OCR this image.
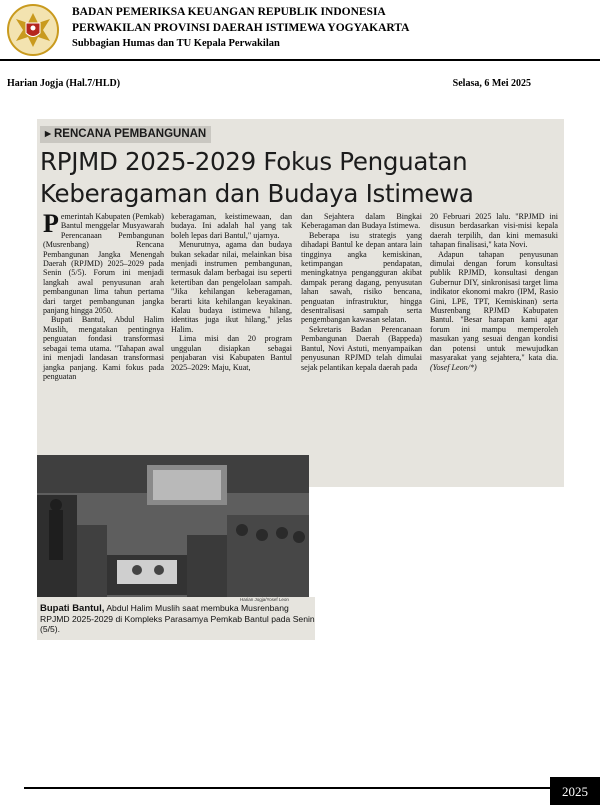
BADAN PEMERIKSA KEUANGAN REPUBLIK INDONESIA
PERWAKILAN PROVINSI DAERAH ISTIMEWA YOGYAKARTA
Subbagian Humas dan TU Kepala Perwakilan
Harian Jogja (Hal.7/HLD)	Selasa, 6 Mei 2025
▸ RENCANA PEMBANGUNAN
RPJMD 2025-2029 Fokus Penguatan
Keberagaman dan Budaya Istimewa

Pemerintah Kabupaten (Pemkab) Bantul menggelar Musyawarah Perencanaan Pembangunan (Musrenbang) Rencana Pembangunan Jangka Menengah Daerah (RPJMD) 2025–2029 pada Senin (5/5). Forum ini menjadi langkah awal penyusunan arah pembangunan lima tahun pertama dari target pembangunan jangka panjang hingga 2050.

Bupati Bantul, Abdul Halim Muslih, mengatakan pentingnya penguatan fondasi transformasi sebagai tema utama. "Tahapan awal ini menjadi landasan transformasi jangka panjang. Kami fokus pada penguatan

keberagaman, keistimewaan, dan budaya. Ini adalah hal yang tak boleh lepas dari Bantul," ujarnya.

Menurutnya, agama dan budaya bukan sekadar nilai, melainkan bisa menjadi instrumen pembangunan, termasuk dalam berbagai isu seperti ketertiban dan pengelolaan sampah. "Jika kehilangan keberagaman, berarti kita kehilangan keyakinan. Kalau budaya istimewa hilang, identitas juga ikut hilang," jelas Halim.

Lima misi dan 20 program unggulan disiapkan sebagai penjabaran visi Kabupaten Bantul 2025–2029: Maju, Kuat,

dan Sejahtera dalam Bingkai Keberagaman dan Budaya Istimewa.

Beberapa isu strategis yang dihadapi Bantul ke depan antara lain tingginya angka kemiskinan, ketimpangan pendapatan, meningkatnya pengangguran akibat dampak perang dagang, penyusutan lahan sawah, risiko bencana, penguatan infrastruktur, hingga desentralisasi sampah serta pengembangan kawasan selatan.

Sekretaris Badan Perencanaan Pembangunan Daerah (Bappeda) Bantul, Novi Astuti, menyampaikan penyusunan RPJMD telah dimulai sejak pelantikan kepala daerah pada

20 Februari 2025 lalu. "RPJMD ini disusun berdasarkan visi-misi kepala daerah terpilih, dan kini memasuki tahapan finalisasi," kata Novi.

Adapun tahapan penyusunan dimulai dengan forum konsultasi publik RPJMD, konsultasi dengan Gubernur DIY, sinkronisasi target lima indikator ekonomi makro (IPM, Rasio Gini, LPE, TPT, Kemiskinan) serta Musrenbang RPJMD Kabupaten Bantul. "Besar harapan kami agar forum ini mampu memperoleh masukan yang sesuai dengan kondisi dan potensi untuk mewujudkan masyarakat yang sejahtera," kata dia. (Yosef Leon/*)

Harian Jogja/Yosef Leon
Bupati Bantul, Abdul Halim Muslih saat membuka Musrenbang RPJMD 2025-2029 di Kompleks Parasamya Pemkab Bantul pada Senin (5/5).
2025
